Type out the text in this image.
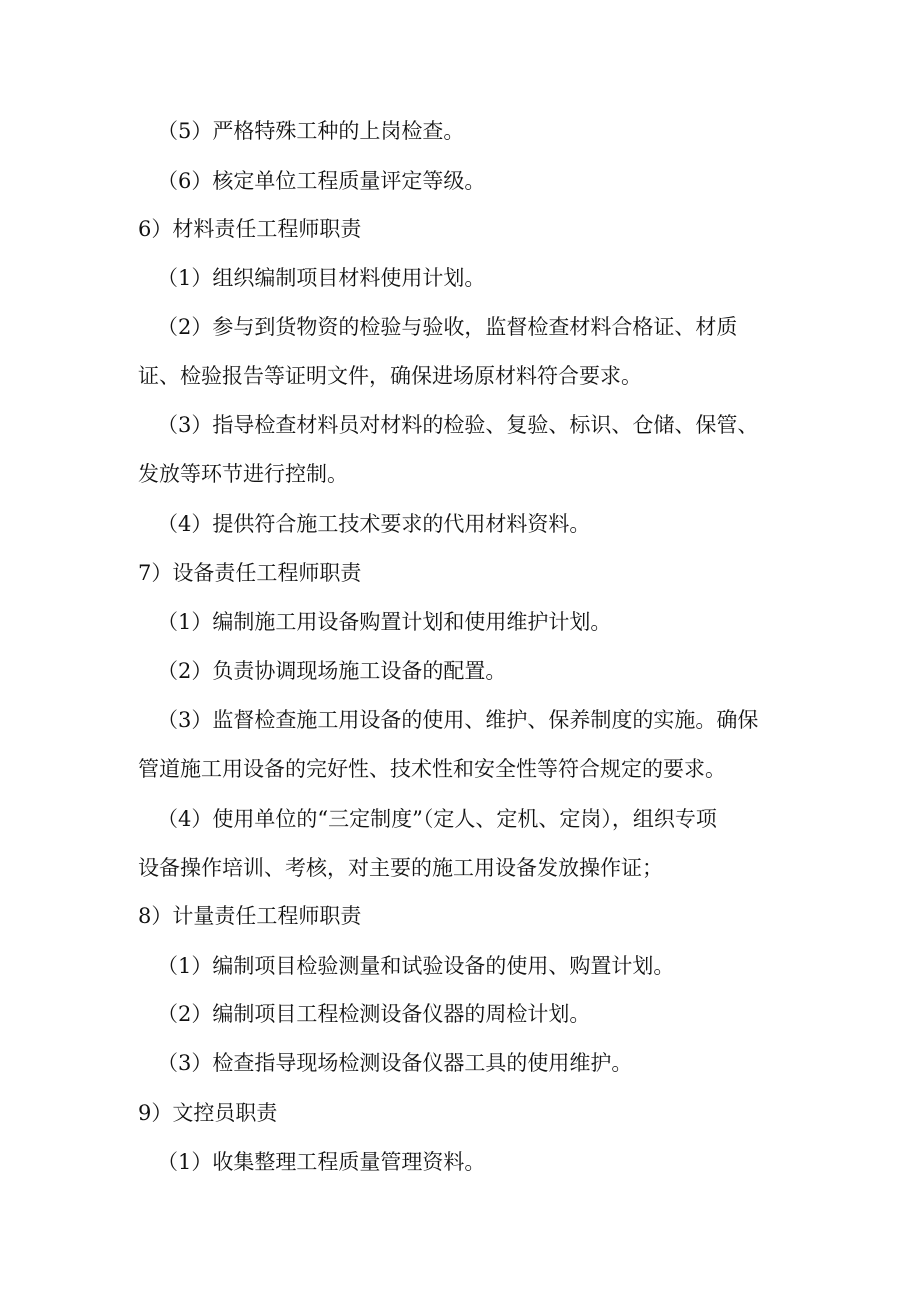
（5）严格特殊工种的上岗检查。
（6）核定单位工程质量评定等级。
6）材料责任工程师职责
（1）组织编制项目材料使用计划。
（2）参与到货物资的检验与验收，监督检查材料合格证、材质
证、检验报告等证明文件，确保进场原材料符合要求。
（3）指导检查材料员对材料的检验、复验、标识、仓储、保管、
发放等环节进行控制。
（4）提供符合施工技术要求的代用材料资料。
7）设备责任工程师职责
（1）编制施工用设备购置计划和使用维护计划。
（2）负责协调现场施工设备的配置。
（3）监督检查施工用设备的使用、维护、保养制度的实施。确保
管道施工用设备的完好性、技术性和安全性等符合规定的要求。
（4）使用单位的“三定制度”（定人、定机、定岗），组织专项
设备操作培训、考核，对主要的施工用设备发放操作证；
8）计量责任工程师职责
（1）编制项目检验测量和试验设备的使用、购置计划。
（2）编制项目工程检测设备仪器的周检计划。
（3）检查指导现场检测设备仪器工具的使用维护。
9）文控员职责
（1）收集整理工程质量管理资料。
